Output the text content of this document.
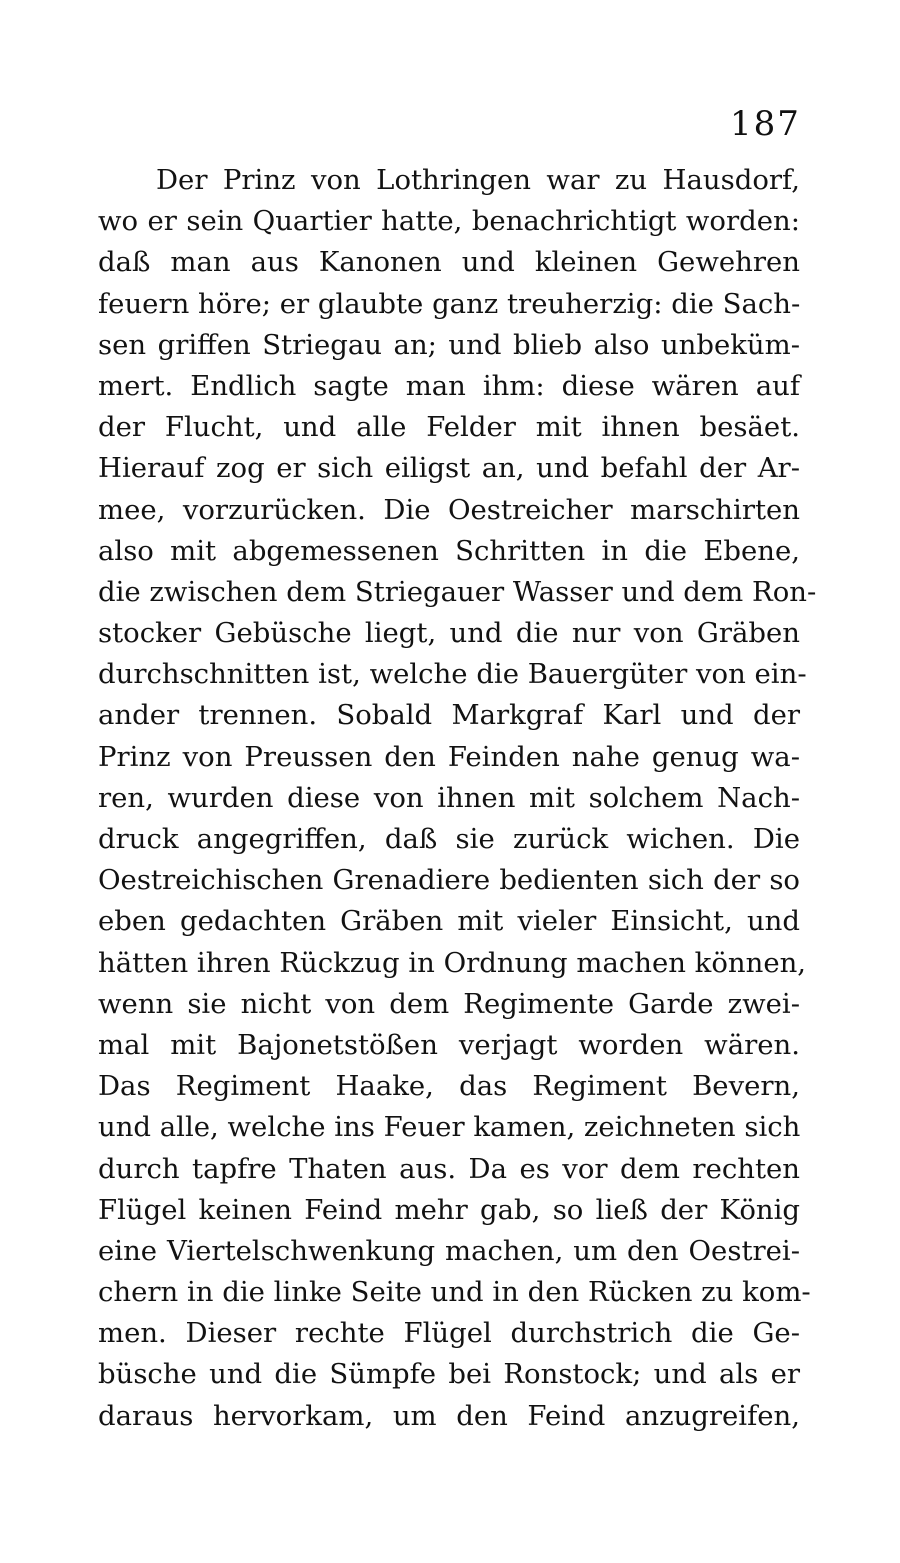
187
Der Prinz von Lothringen war zu Hausdorf,
wo er sein Quartier hatte, benachrichtigt worden:
daß man aus Kanonen und kleinen Gewehren
feuern höre; er glaubte ganz treuherzig: die Sach-
sen griffen Striegau an; und blieb also unbeküm-
mert. Endlich sagte man ihm: diese wären auf
der Flucht, und alle Felder mit ihnen besäet.
Hierauf zog er sich eiligst an, und befahl der Ar-
mee, vorzurücken. Die Oestreicher marschirten
also mit abgemessenen Schritten in die Ebene,
die zwischen dem Striegauer Wasser und dem Ron-
stocker Gebüsche liegt, und die nur von Gräben
durchschnitten ist, welche die Bauergüter von ein-
ander trennen. Sobald Markgraf Karl und der
Prinz von Preussen den Feinden nahe genug wa-
ren, wurden diese von ihnen mit solchem Nach-
druck angegriffen, daß sie zurück wichen. Die
Oestreichischen Grenadiere bedienten sich der so
eben gedachten Gräben mit vieler Einsicht, und
hätten ihren Rückzug in Ordnung machen können,
wenn sie nicht von dem Regimente Garde zwei-
mal mit Bajonetstößen verjagt worden wären.
Das Regiment Haake, das Regiment Bevern,
und alle, welche ins Feuer kamen, zeichneten sich
durch tapfre Thaten aus. Da es vor dem rechten
Flügel keinen Feind mehr gab, so ließ der König
eine Viertelschwenkung machen, um den Oestrei-
chern in die linke Seite und in den Rücken zu kom-
men. Dieser rechte Flügel durchstrich die Ge-
büsche und die Sümpfe bei Ronstock; und als er
daraus hervorkam, um den Feind anzugreifen,
